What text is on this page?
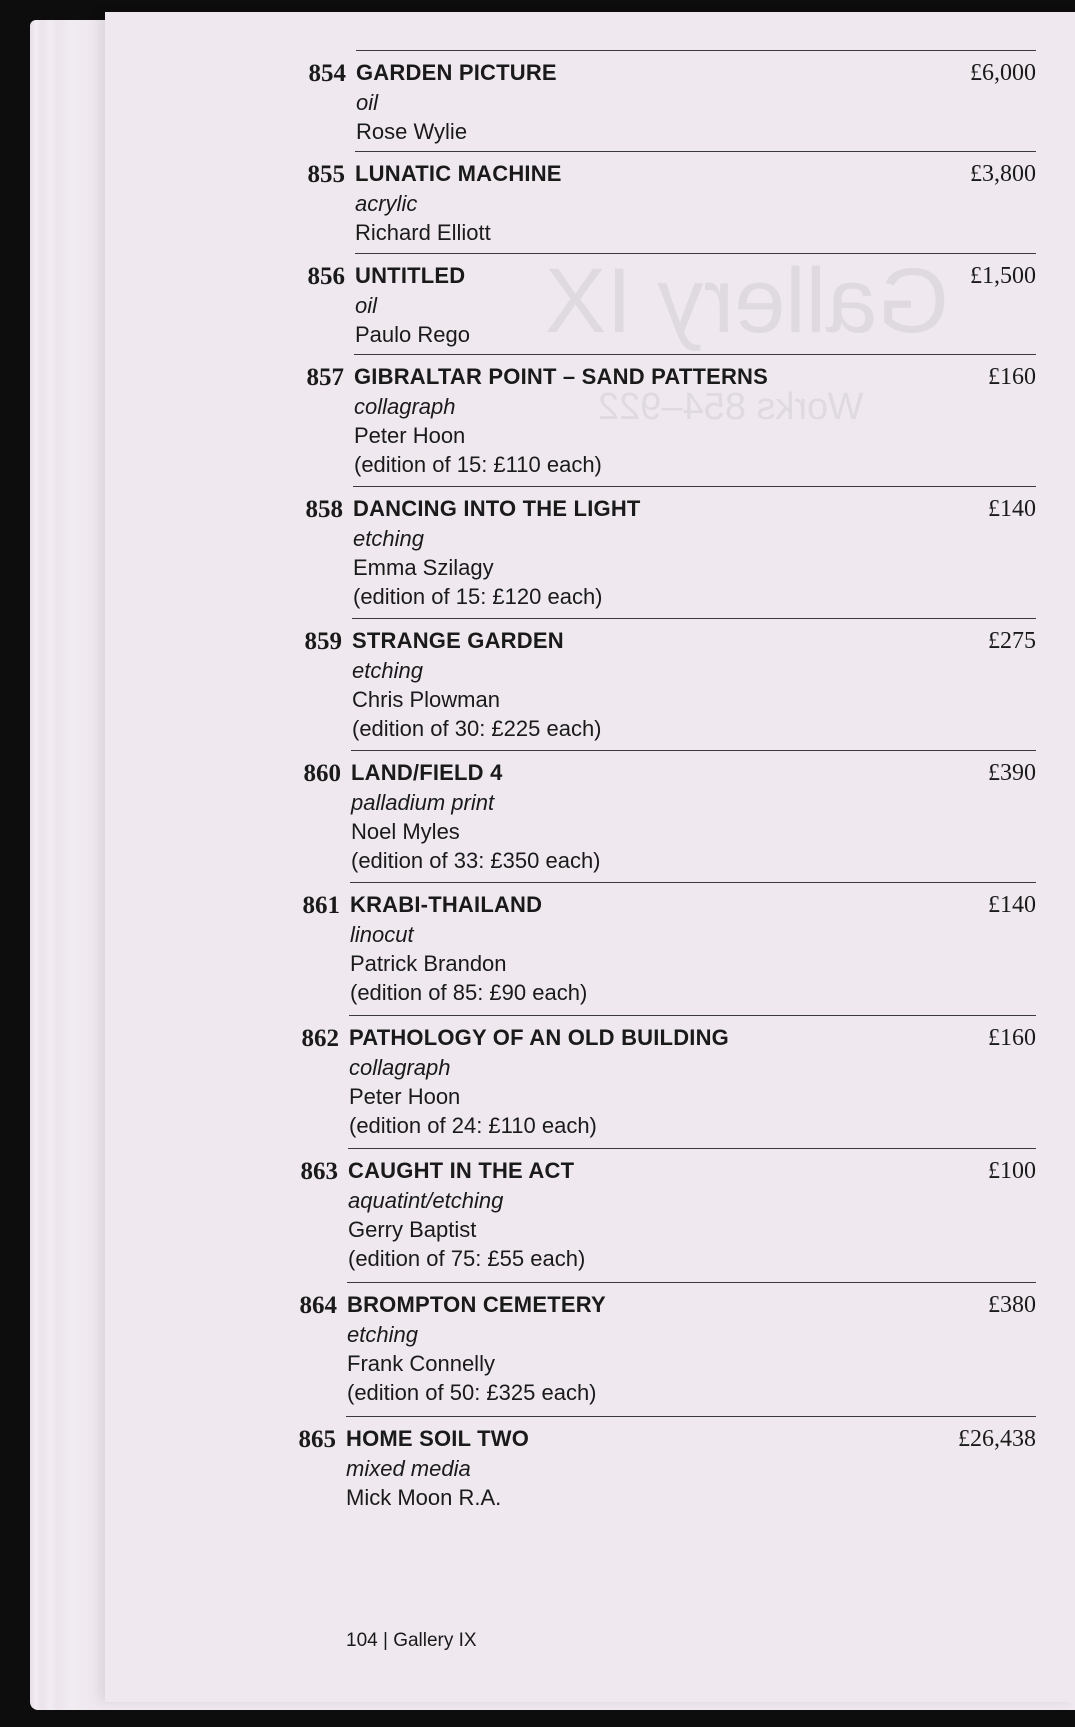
Gallery IX
Works 854–922
854 GARDEN PICTURE
oil
Rose Wylie
£6,000
855 LUNATIC MACHINE
acrylic
Richard Elliott
£3,800
856 UNTITLED
oil
Paulo Rego
£1,500
857 GIBRALTAR POINT – SAND PATTERNS
collagraph
Peter Hoon
(edition of 15: £110 each)
£160
858 DANCING INTO THE LIGHT
etching
Emma Szilagy
(edition of 15: £120 each)
£140
859 STRANGE GARDEN
etching
Chris Plowman
(edition of 30: £225 each)
£275
860 LAND/FIELD 4
palladium print
Noel Myles
(edition of 33: £350 each)
£390
861 KRABI-THAILAND
linocut
Patrick Brandon
(edition of 85: £90 each)
£140
862 PATHOLOGY OF AN OLD BUILDING
collagraph
Peter Hoon
(edition of 24: £110 each)
£160
863 CAUGHT IN THE ACT
aquatint/etching
Gerry Baptist
(edition of 75: £55 each)
£100
864 BROMPTON CEMETERY
etching
Frank Connelly
(edition of 50: £325 each)
£380
865 HOME SOIL TWO
mixed media
Mick Moon R.A.
£26,438
104 | Gallery IX
